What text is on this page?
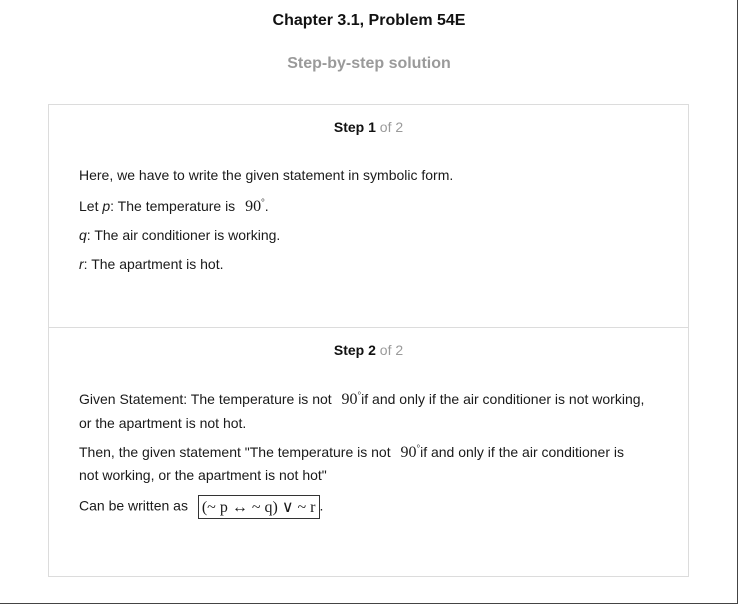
Chapter 3.1, Problem 54E
Step-by-step solution
Step 1 of 2
Here, we have to write the given statement in symbolic form.
Let p: The temperature is 90°.
q: The air conditioner is working.
r: The apartment is hot.
Step 2 of 2
Given Statement: The temperature is not 90°if and only if the air conditioner is not working,
or the apartment is not hot.
Then, the given statement "The temperature is not 90°if and only if the air conditioner is
not working, or the apartment is not hot"
Can be written as (~ p ↔ ~ q) ∨ ~ r .
